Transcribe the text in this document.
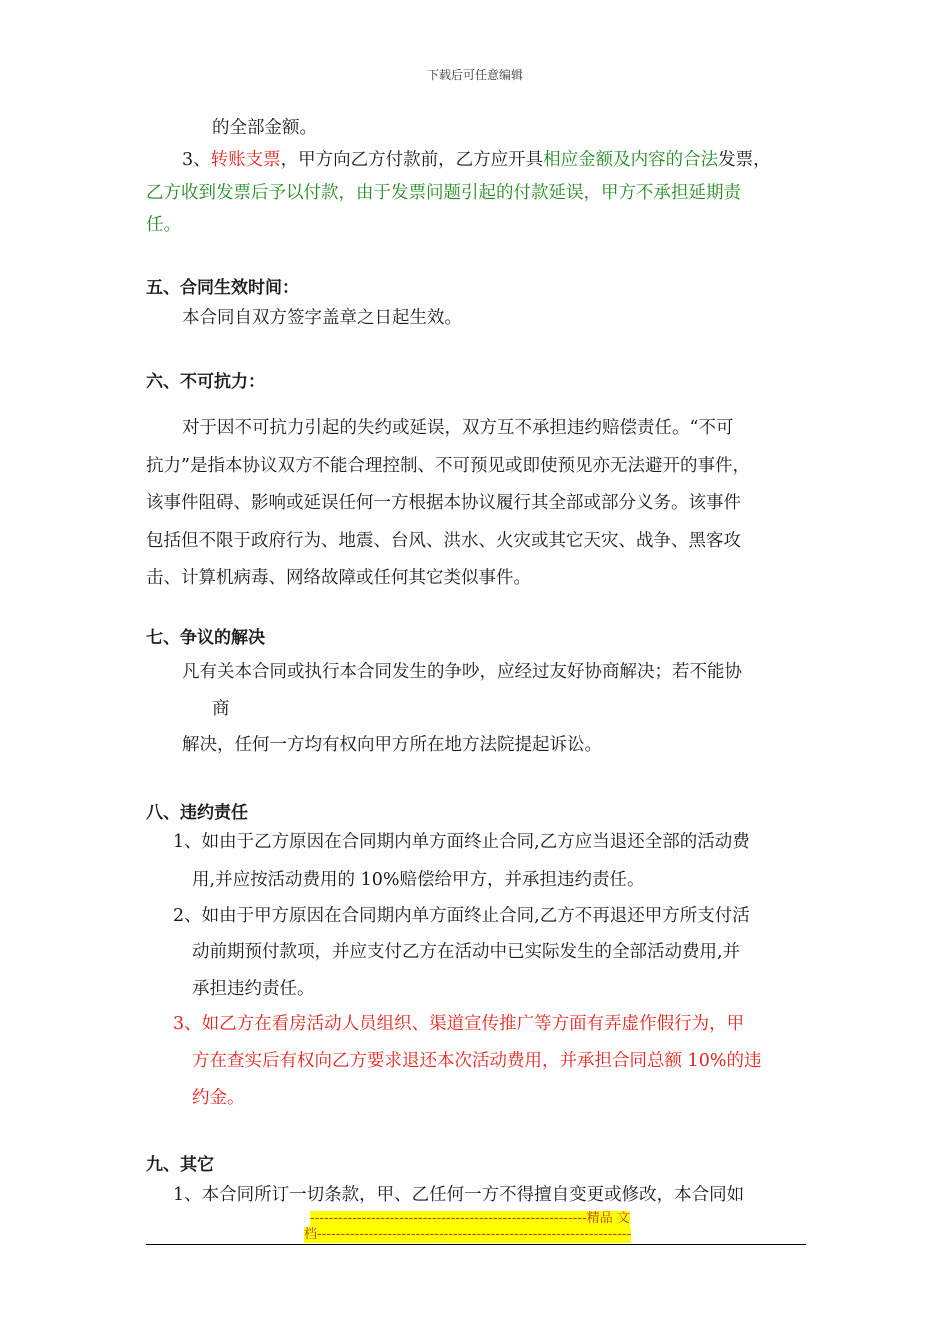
下载后可任意编辑
的全部金额。
3、转账支票，甲方向乙方付款前，乙方应开具相应金额及内容的合法发票，
乙方收到发票后予以付款，由于发票问题引起的付款延误，甲方不承担延期责
任。
五、合同生效时间：
本合同自双方签字盖章之日起生效。
六、不可抗力：
对于因不可抗力引起的失约或延误，双方互不承担违约赔偿责任。“不可
抗力”是指本协议双方不能合理控制、不可预见或即使预见亦无法避开的事件，
该事件阻碍、影响或延误任何一方根据本协议履行其全部或部分义务。该事件
包括但不限于政府行为、地震、台风、洪水、火灾或其它天灾、战争、黑客攻
击、计算机病毒、网络故障或任何其它类似事件。
七、争议的解决
凡有关本合同或执行本合同发生的争吵，应经过友好协商解决；若不能协
商
解决，任何一方均有权向甲方所在地方法院提起诉讼。
八、违约责任
1、如由于乙方原因在合同期内单方面终止合同,乙方应当退还全部的活动费
用,并应按活动费用的 10%赔偿给甲方，并承担违约责任。
2、如由于甲方原因在合同期内单方面终止合同,乙方不再退还甲方所支付活
动前期预付款项，并应支付乙方在活动中已实际发生的全部活动费用,并
承担违约责任。
3、如乙方在看房活动人员组织、渠道宣传推广等方面有弄虚作假行为，甲
方在查实后有权向乙方要求退还本次活动费用，并承担合同总额 10%的违
约金。
九、其它
1、本合同所订一切条款，甲、乙任何一方不得擅自变更或修改，本合同如
-----------------------------------------------------------精品 文
档-------------------------------------------------------------------
